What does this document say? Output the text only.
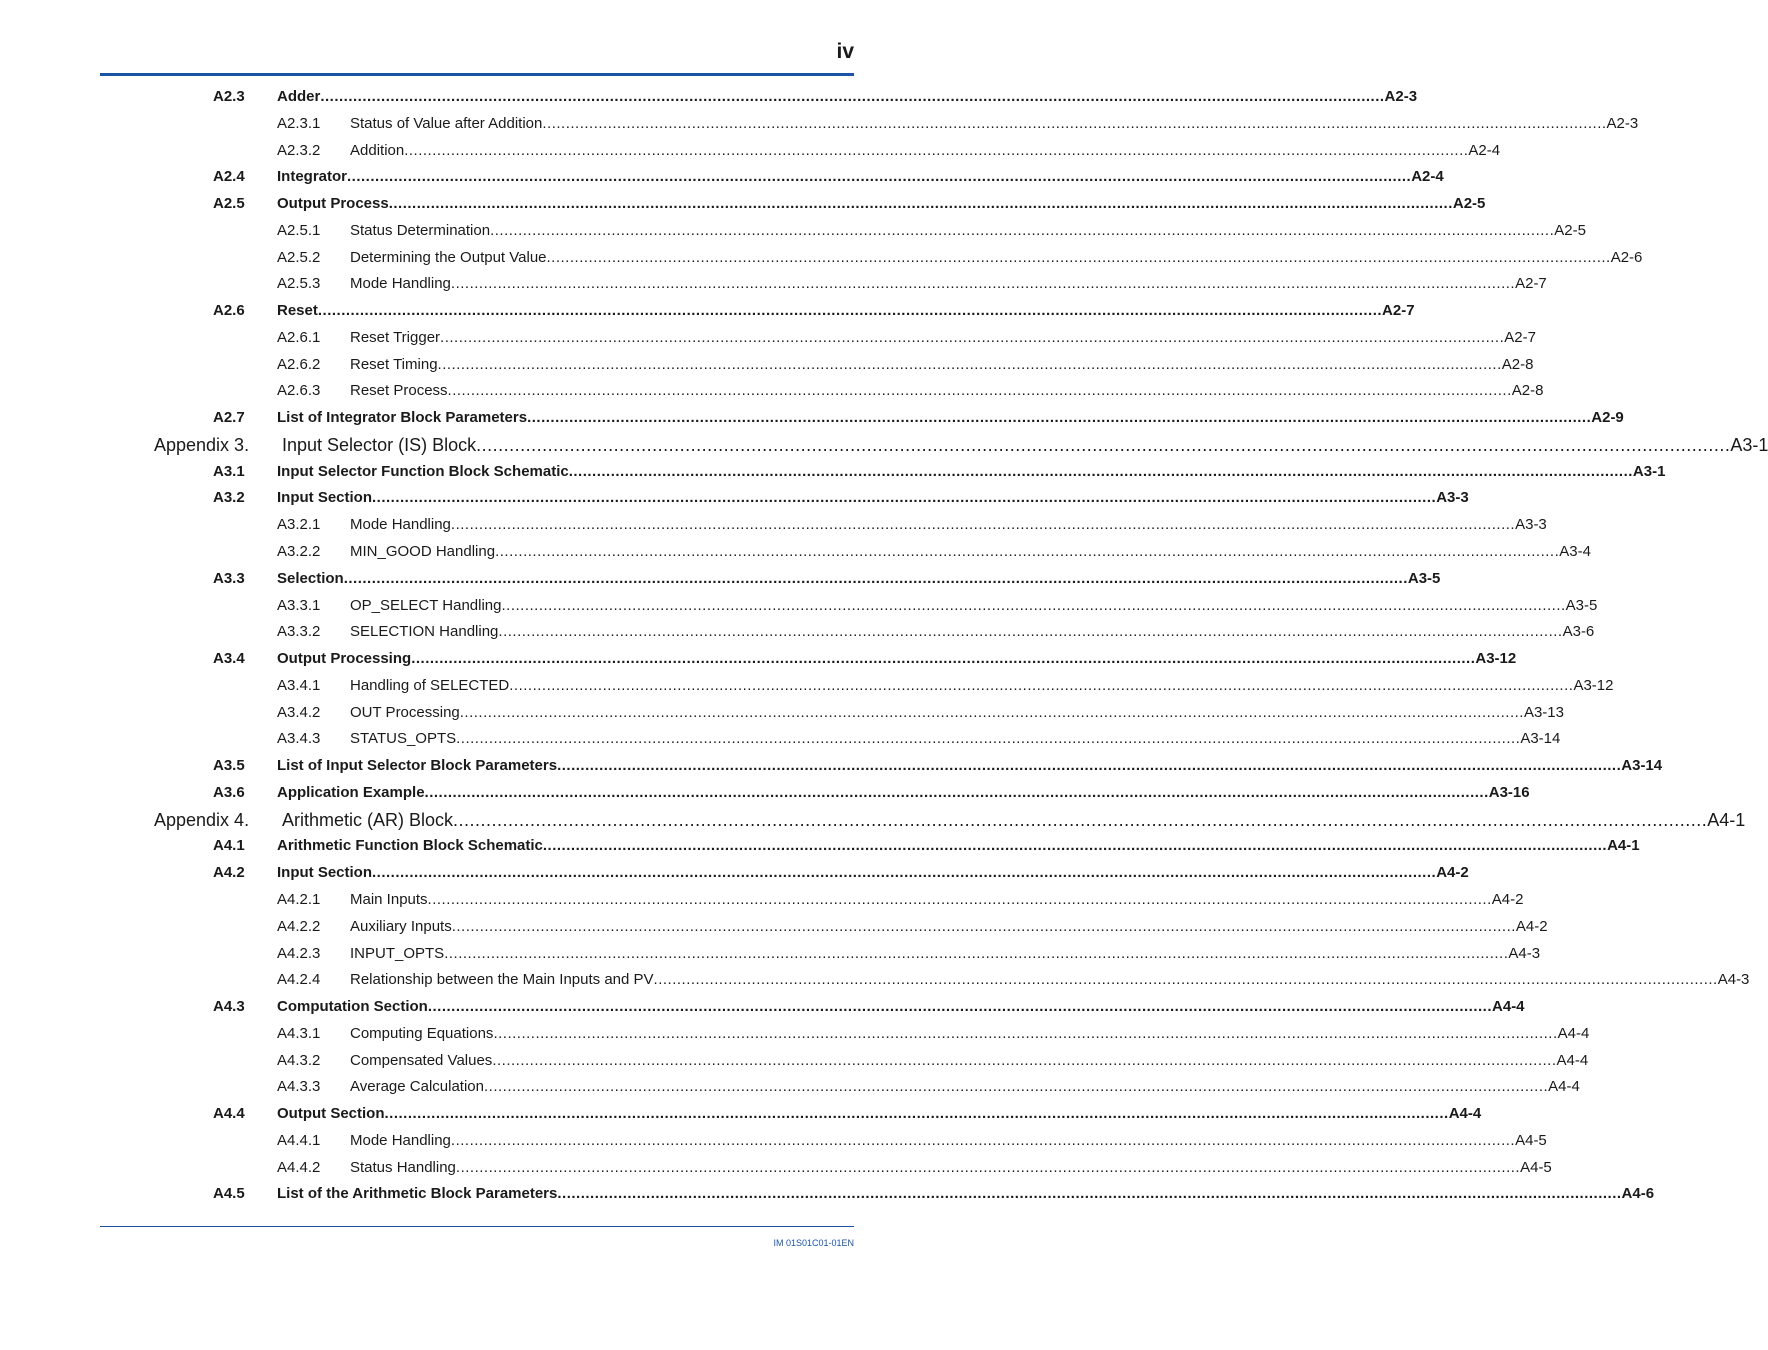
iv
A2.3 Adder .................................................................................................................................................................................................................................... A2-3
A2.3.1 Status of Value after Addition .................................................................................................................................................................................................................................... A2-3
A2.3.2 Addition .................................................................................................................................................................................................................................... A2-4
A2.4 Integrator .................................................................................................................................................................................................................................... A2-4
A2.5 Output Process .................................................................................................................................................................................................................................... A2-5
A2.5.1 Status Determination .................................................................................................................................................................................................................................... A2-5
A2.5.2 Determining the Output Value .................................................................................................................................................................................................................................... A2-6
A2.5.3 Mode Handling .................................................................................................................................................................................................................................... A2-7
A2.6 Reset .................................................................................................................................................................................................................................... A2-7
A2.6.1 Reset Trigger .................................................................................................................................................................................................................................... A2-7
A2.6.2 Reset Timing .................................................................................................................................................................................................................................... A2-8
A2.6.3 Reset Process .................................................................................................................................................................................................................................... A2-8
A2.7 List of Integrator Block Parameters .................................................................................................................................................................................................................................... A2-9
Appendix 3. Input Selector (IS) Block .................................................................................................................................................................................................................................... A3-1
A3.1 Input Selector Function Block Schematic .................................................................................................................................................................................................................................... A3-1
A3.2 Input Section .................................................................................................................................................................................................................................... A3-3
A3.2.1 Mode Handling .................................................................................................................................................................................................................................... A3-3
A3.2.2 MIN_GOOD Handling .................................................................................................................................................................................................................................... A3-4
A3.3 Selection .................................................................................................................................................................................................................................... A3-5
A3.3.1 OP_SELECT Handling .................................................................................................................................................................................................................................... A3-5
A3.3.2 SELECTION Handling .................................................................................................................................................................................................................................... A3-6
A3.4 Output Processing .................................................................................................................................................................................................................................... A3-12
A3.4.1 Handling of SELECTED .................................................................................................................................................................................................................................... A3-12
A3.4.2 OUT Processing .................................................................................................................................................................................................................................... A3-13
A3.4.3 STATUS_OPTS .................................................................................................................................................................................................................................... A3-14
A3.5 List of Input Selector Block Parameters .................................................................................................................................................................................................................................... A3-14
A3.6 Application Example .................................................................................................................................................................................................................................... A3-16
Appendix 4. Arithmetic (AR) Block .................................................................................................................................................................................................................................... A4-1
A4.1 Arithmetic Function Block Schematic .................................................................................................................................................................................................................................... A4-1
A4.2 Input Section .................................................................................................................................................................................................................................... A4-2
A4.2.1 Main Inputs .................................................................................................................................................................................................................................... A4-2
A4.2.2 Auxiliary Inputs .................................................................................................................................................................................................................................... A4-2
A4.2.3 INPUT_OPTS .................................................................................................................................................................................................................................... A4-3
A4.2.4 Relationship between the Main Inputs and PV .................................................................................................................................................................................................................................... A4-3
A4.3 Computation Section .................................................................................................................................................................................................................................... A4-4
A4.3.1 Computing Equations .................................................................................................................................................................................................................................... A4-4
A4.3.2 Compensated Values .................................................................................................................................................................................................................................... A4-4
A4.3.3 Average Calculation .................................................................................................................................................................................................................................... A4-4
A4.4 Output Section .................................................................................................................................................................................................................................... A4-4
A4.4.1 Mode Handling .................................................................................................................................................................................................................................... A4-5
A4.4.2 Status Handling .................................................................................................................................................................................................................................... A4-5
A4.5 List of the Arithmetic Block Parameters .................................................................................................................................................................................................................................... A4-6
IM 01S01C01-01EN
